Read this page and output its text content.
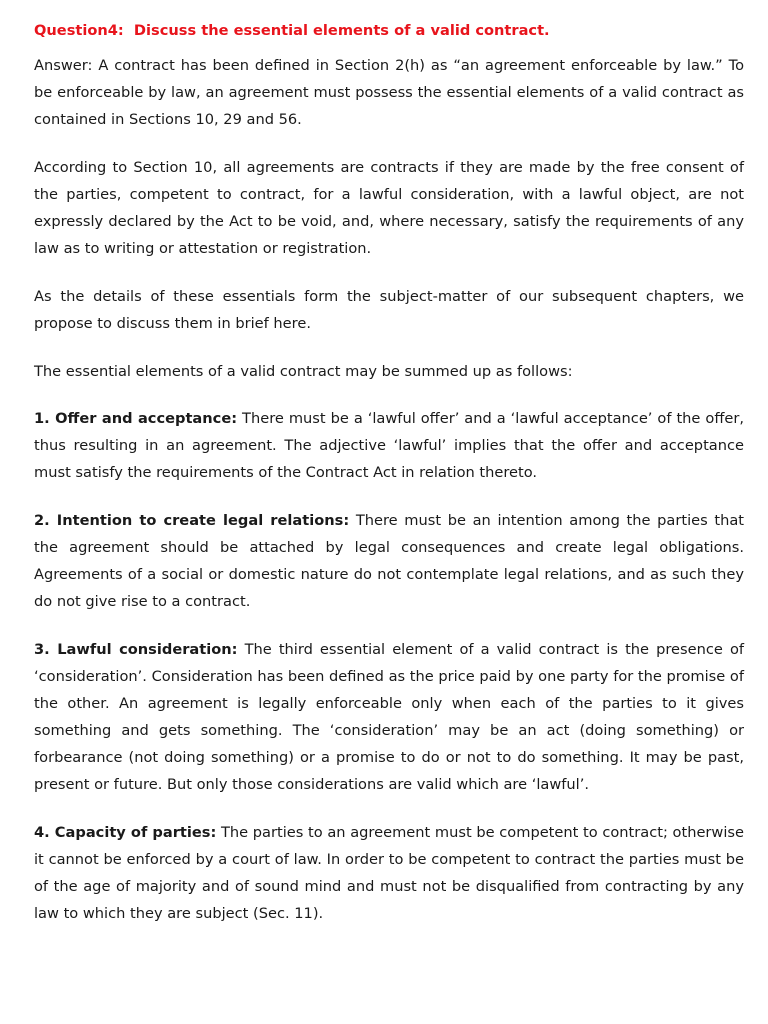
Question4:  Discuss the essential elements of a valid contract.

Answer: A contract has been defined in Section 2(h) as “an agreement enforceable by law.” To be enforceable by law, an agreement must possess the essential elements of a valid contract as contained in Sections 10, 29 and 56.

According to Section 10, all agreements are contracts if they are made by the free consent of the parties, competent to contract, for a lawful consideration, with a lawful object, are not expressly declared by the Act to be void, and, where necessary, satisfy the requirements of any law as to writing or attestation or registration.

As the details of these essentials form the subject-matter of our subsequent chapters, we propose to discuss them in brief here.

The essential elements of a valid contract may be summed up as follows:

1. Offer and acceptance: There must be a ‘lawful offer’ and a ‘lawful acceptance’ of the offer, thus resulting in an agreement. The adjective ‘lawful’ implies that the offer and acceptance must satisfy the requirements of the Contract Act in relation thereto.

2. Intention to create legal relations: There must be an intention among the parties that the agreement should be attached by legal consequences and create legal obligations. Agreements of a social or domestic nature do not contemplate legal relations, and as such they do not give rise to a contract.

3. Lawful consideration: The third essential element of a valid contract is the presence of ‘consideration’. Consideration has been defined as the price paid by one party for the promise of the other. An agreement is legally enforceable only when each of the parties to it gives something and gets something. The ‘consideration’ may be an act (doing something) or forbearance (not doing something) or a promise to do or not to do something. It may be past, present or future. But only those considerations are valid which are ‘lawful’.

4. Capacity of parties: The parties to an agreement must be competent to contract; otherwise it cannot be enforced by a court of law. In order to be competent to contract the parties must be of the age of majority and of sound mind and must not be disqualified from contracting by any law to which they are subject (Sec. 11).
